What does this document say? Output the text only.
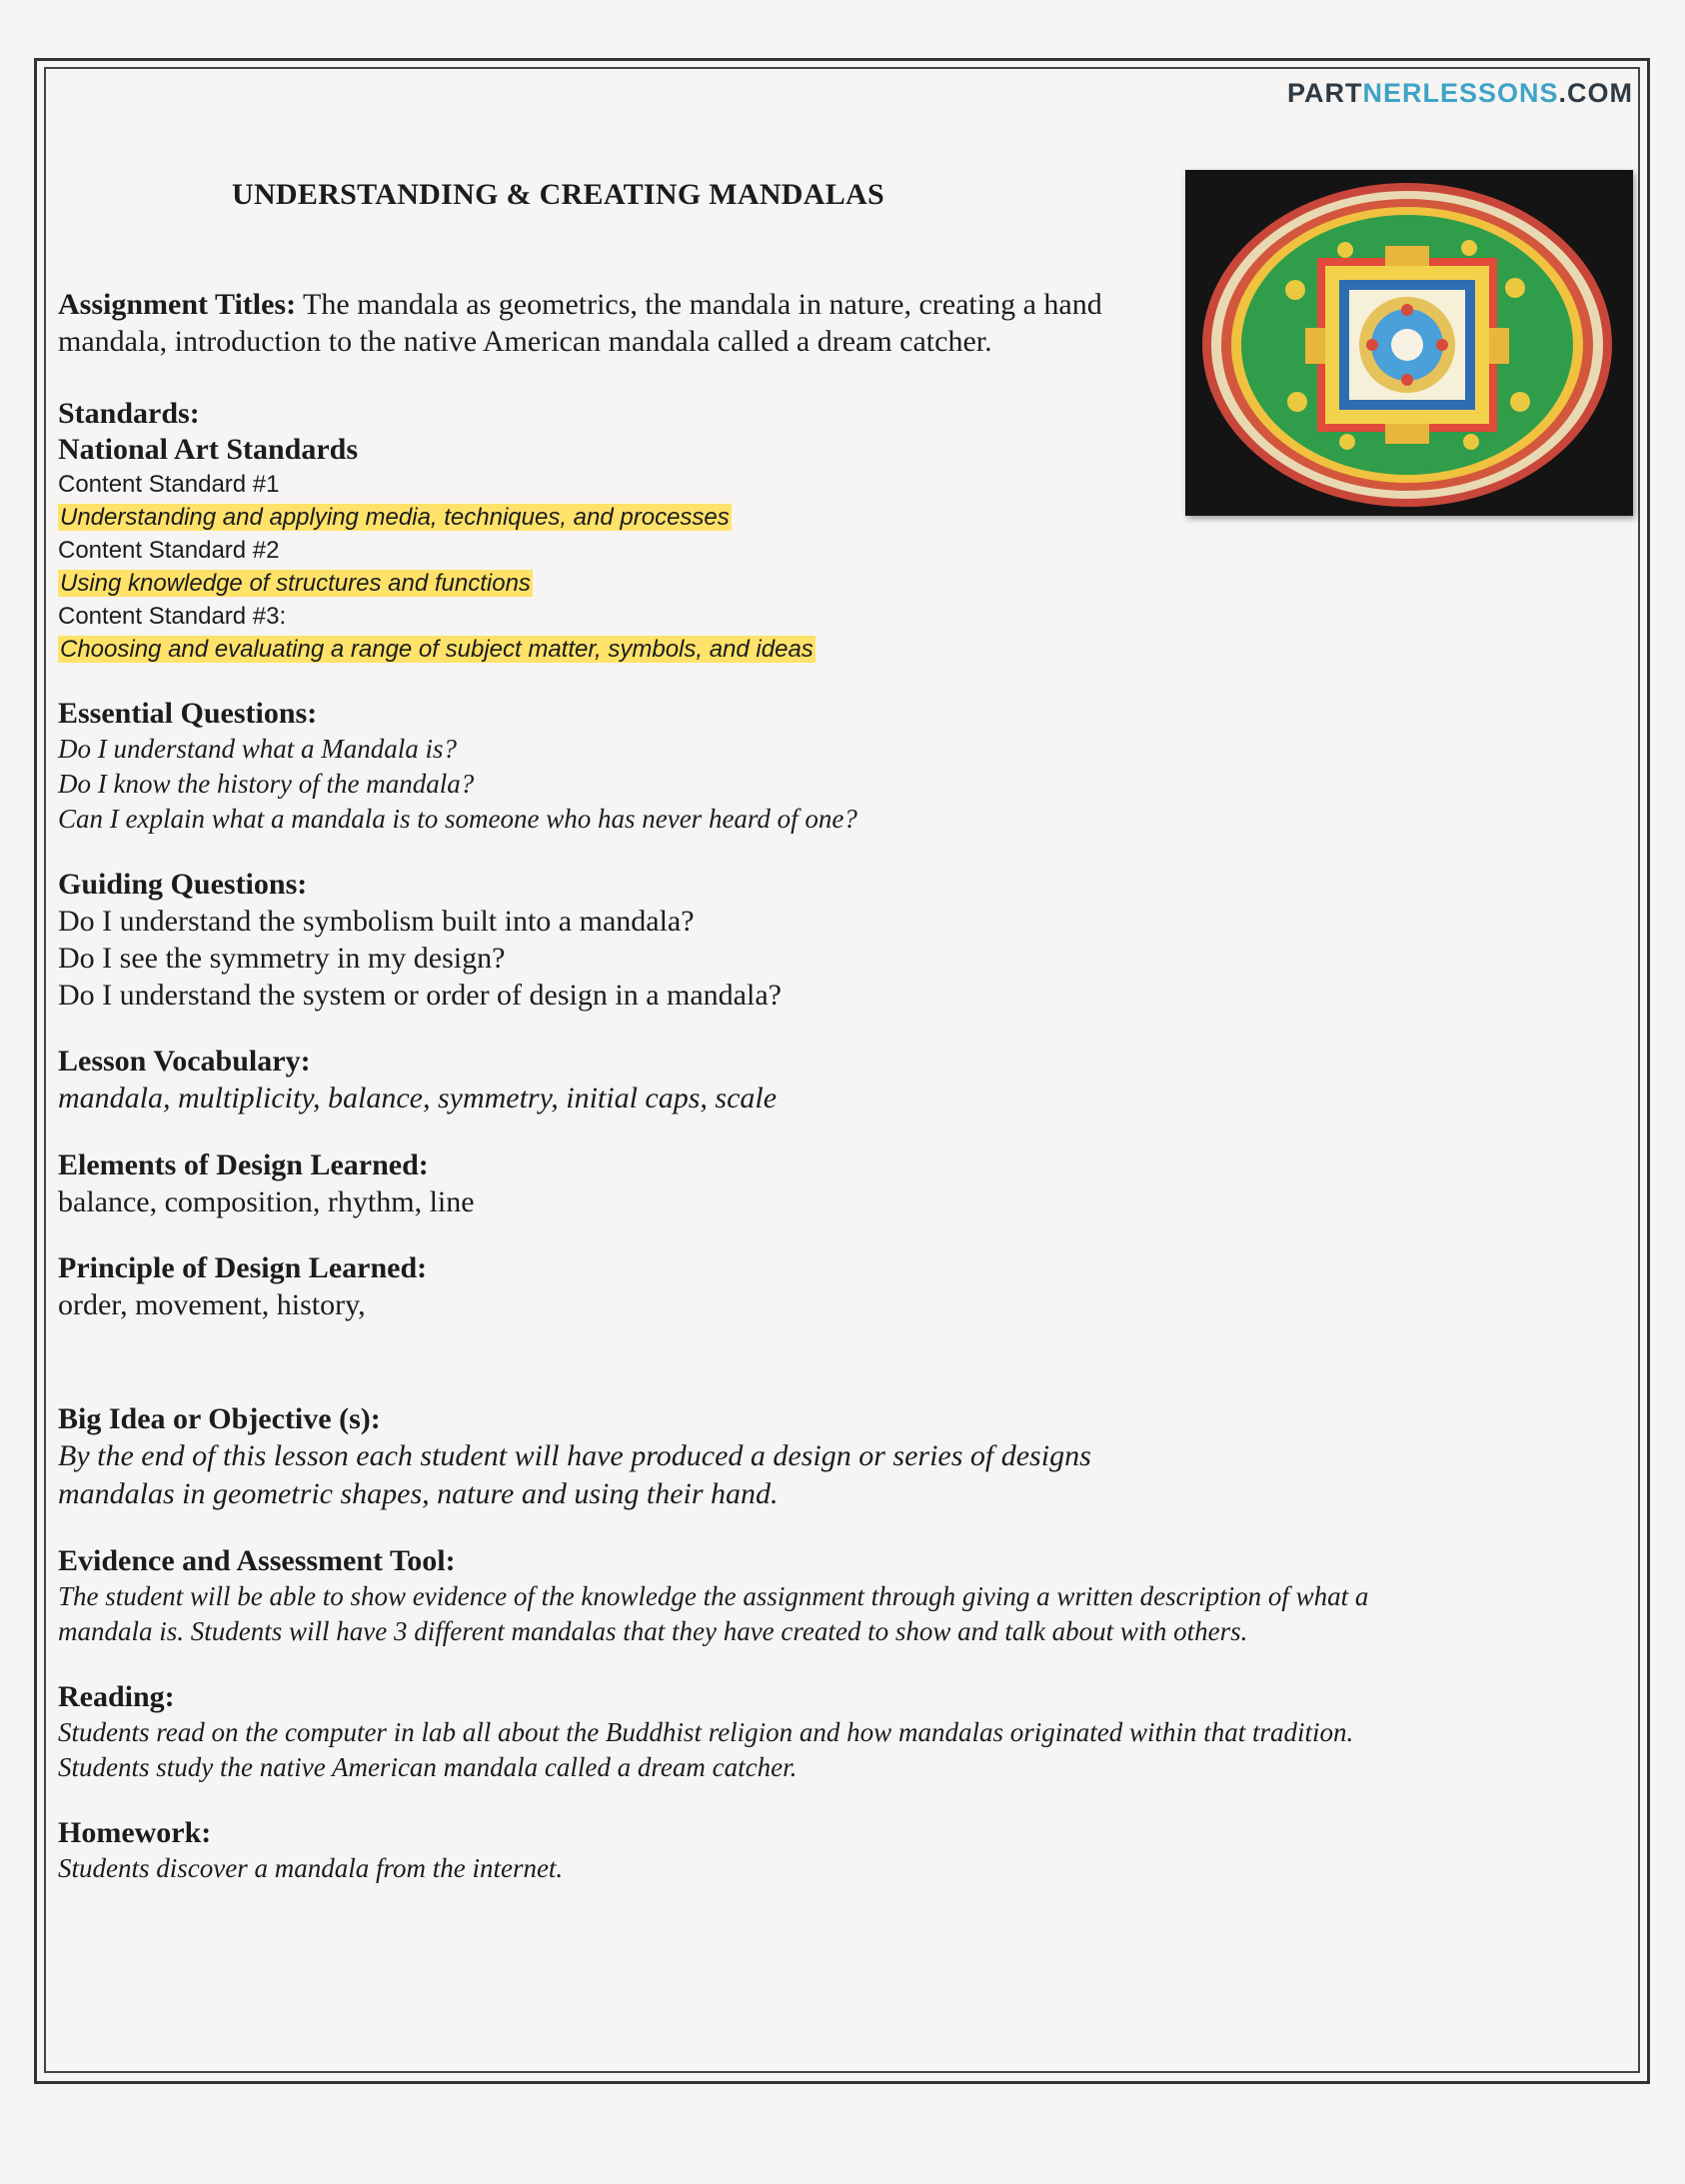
PARTNERLESSONS.COM
UNDERSTANDING & CREATING MANDALAS
Assignment Titles: The mandala as geometrics, the mandala in nature, creating a hand mandala, introduction to the native American mandala called a dream catcher.
Standards:
National Art Standards
Content Standard #1
Understanding and applying media, techniques, and processes
Content Standard #2
Using knowledge of structures and functions
Content Standard #3:
Choosing and evaluating a range of subject matter, symbols, and ideas
Essential Questions:
Do I understand what a Mandala is?
Do I know the history of the mandala?
Can I explain what a mandala is to someone who has never heard of one?
Guiding Questions:
Do I understand the symbolism built into a mandala?
Do I see the symmetry in my design?
Do I understand the system or order of design in a mandala?
Lesson Vocabulary:
mandala, multiplicity, balance, symmetry, initial caps, scale
Elements of Design Learned:
balance, composition, rhythm, line
Principle of Design Learned:
order, movement, history,
Big Idea or Objective (s):
By the end of this lesson each student will have produced a design or series of designs
mandalas in geometric shapes, nature and using their hand.
Evidence and Assessment Tool:
The student will be able to show evidence of the knowledge the assignment through giving a written description of what a
mandala is. Students will have 3 different mandalas that they have created to show and talk about with others.
Reading:
Students read on the computer in lab all about the Buddhist religion and how mandalas originated within that tradition.
Students study the native American mandala called a dream catcher.
Homework:
Students discover a mandala from the internet.
